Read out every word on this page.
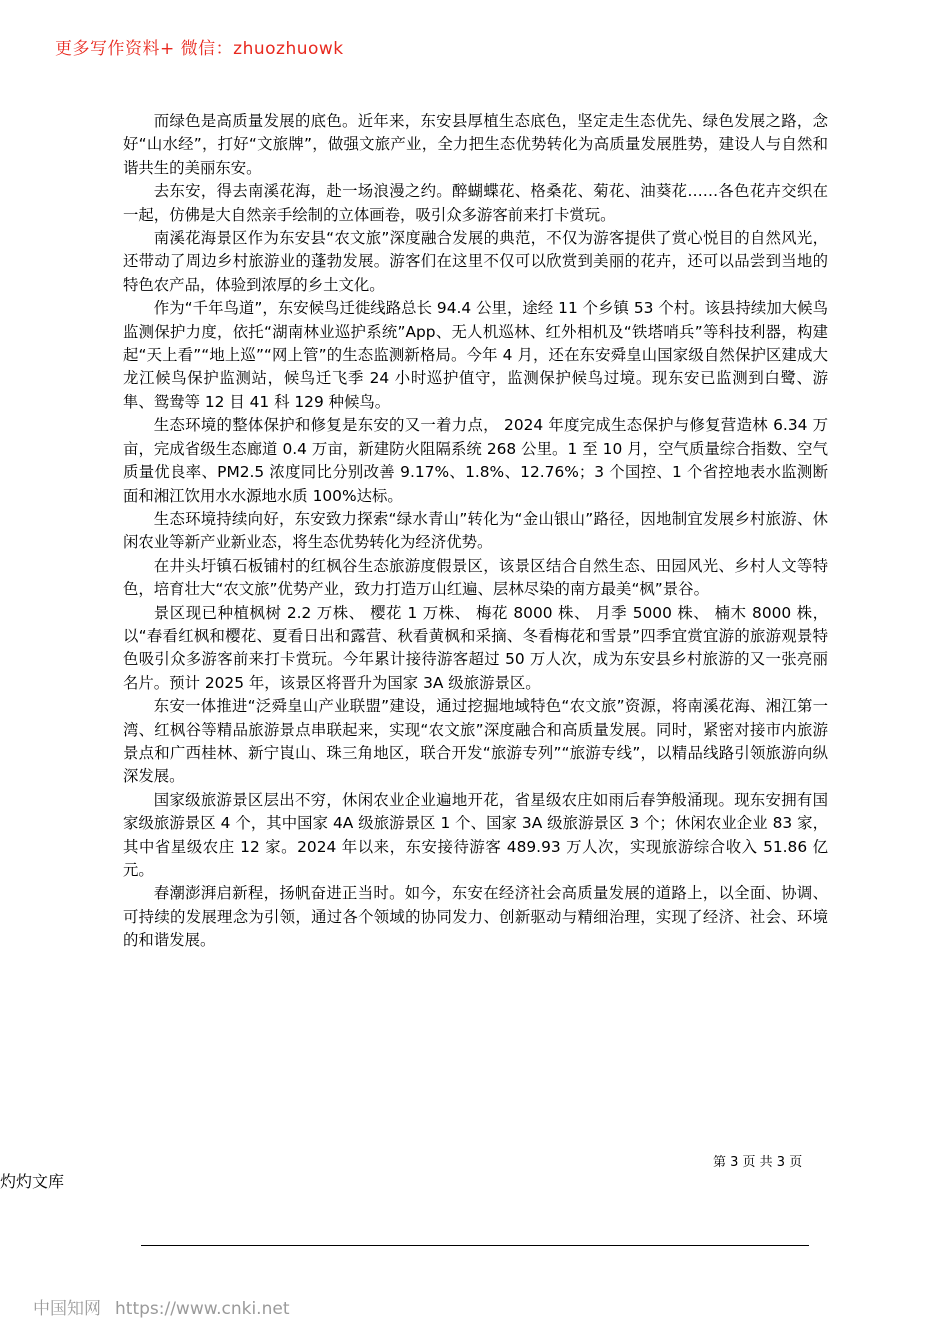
更多写作资料+ 微信：zhuozhuowk

而绿色是高质量发展的底色。近年来，东安县厚植生态底色，坚定走生态优先、绿色发展之路，念好“山水经”，打好“文旅牌”，做强文旅产业，全力把生态优势转化为高质量发展胜势，建设人与自然和谐共生的美丽东安。

去东安，得去南溪花海，赴一场浪漫之约。醉蝴蝶花、格桑花、菊花、油葵花……各色花卉交织在一起，仿佛是大自然亲手绘制的立体画卷，吸引众多游客前来打卡赏玩。

南溪花海景区作为东安县“农文旅”深度融合发展的典范，不仅为游客提供了赏心悦目的自然风光，还带动了周边乡村旅游业的蓬勃发展。游客们在这里不仅可以欣赏到美丽的花卉，还可以品尝到当地的特色农产品，体验到浓厚的乡土文化。

作为“千年鸟道”，东安候鸟迁徙线路总长 94.4 公里，途经 11 个乡镇 53 个村。该县持续加大候鸟监测保护力度，依托“湖南林业巡护系统”App、无人机巡林、红外相机及“铁塔哨兵”等科技利器，构建起“天上看”“地上巡”“网上管”的生态监测新格局。今年 4 月，还在东安舜皇山国家级自然保护区建成大龙江候鸟保护监测站，候鸟迁飞季 24 小时巡护值守，监测保护候鸟过境。现东安已监测到白鹭、游隼、鸳鸯等 12 目 41 科 129 种候鸟。

生态环境的整体保护和修复是东安的又一着力点， 2024 年度完成生态保护与修复营造林 6.34 万亩，完成省级生态廊道 0.4 万亩，新建防火阻隔系统 268 公里。1 至 10 月，空气质量综合指数、空气质量优良率、PM2.5 浓度同比分别改善 9.17%、1.8%、12.76%；3 个国控、1 个省控地表水监测断面和湘江饮用水水源地水质 100%达标。

生态环境持续向好，东安致力探索“绿水青山”转化为“金山银山”路径，因地制宜发展乡村旅游、休闲农业等新产业新业态，将生态优势转化为经济优势。

在井头圩镇石板铺村的红枫谷生态旅游度假景区，该景区结合自然生态、田园风光、乡村人文等特色，培育壮大“农文旅”优势产业，致力打造万山红遍、层林尽染的南方最美“枫”景谷。

景区现已种植枫树 2.2 万株、 樱花 1 万株、 梅花 8000 株、 月季 5000 株、 楠木 8000 株， 以“春看红枫和樱花、夏看日出和露营、秋看黄枫和采摘、冬看梅花和雪景”四季宜赏宜游的旅游观景特色吸引众多游客前来打卡赏玩。今年累计接待游客超过 50 万人次，成为东安县乡村旅游的又一张亮丽名片。预计 2025 年，该景区将晋升为国家 3A 级旅游景区。

东安一体推进“泛舜皇山产业联盟”建设，通过挖掘地域特色“农文旅”资源，将南溪花海、湘江第一湾、红枫谷等精品旅游景点串联起来，实现“农文旅”深度融合和高质量发展。同时，紧密对接市内旅游景点和广西桂林、新宁崀山、珠三角地区，联合开发“旅游专列”“旅游专线”，以精品线路引领旅游向纵深发展。

国家级旅游景区层出不穷，休闲农业企业遍地开花，省星级农庄如雨后春笋般涌现。现东安拥有国家级旅游景区 4 个，其中国家 4A 级旅游景区 1 个、国家 3A 级旅游景区 3 个；休闲农业企业 83 家，其中省星级农庄 12 家。2024 年以来，东安接待游客 489.93 万人次，实现旅游综合收入 51.86 亿元。

春潮澎湃启新程，扬帆奋进正当时。如今，东安在经济社会高质量发展的道路上，以全面、协调、可持续的发展理念为引领，通过各个领域的协同发力、创新驱动与精细治理，实现了经济、社会、环境的和谐发展。

第 3 页 共 3 页
灼灼文库
中国知网 https://www.cnki.net
